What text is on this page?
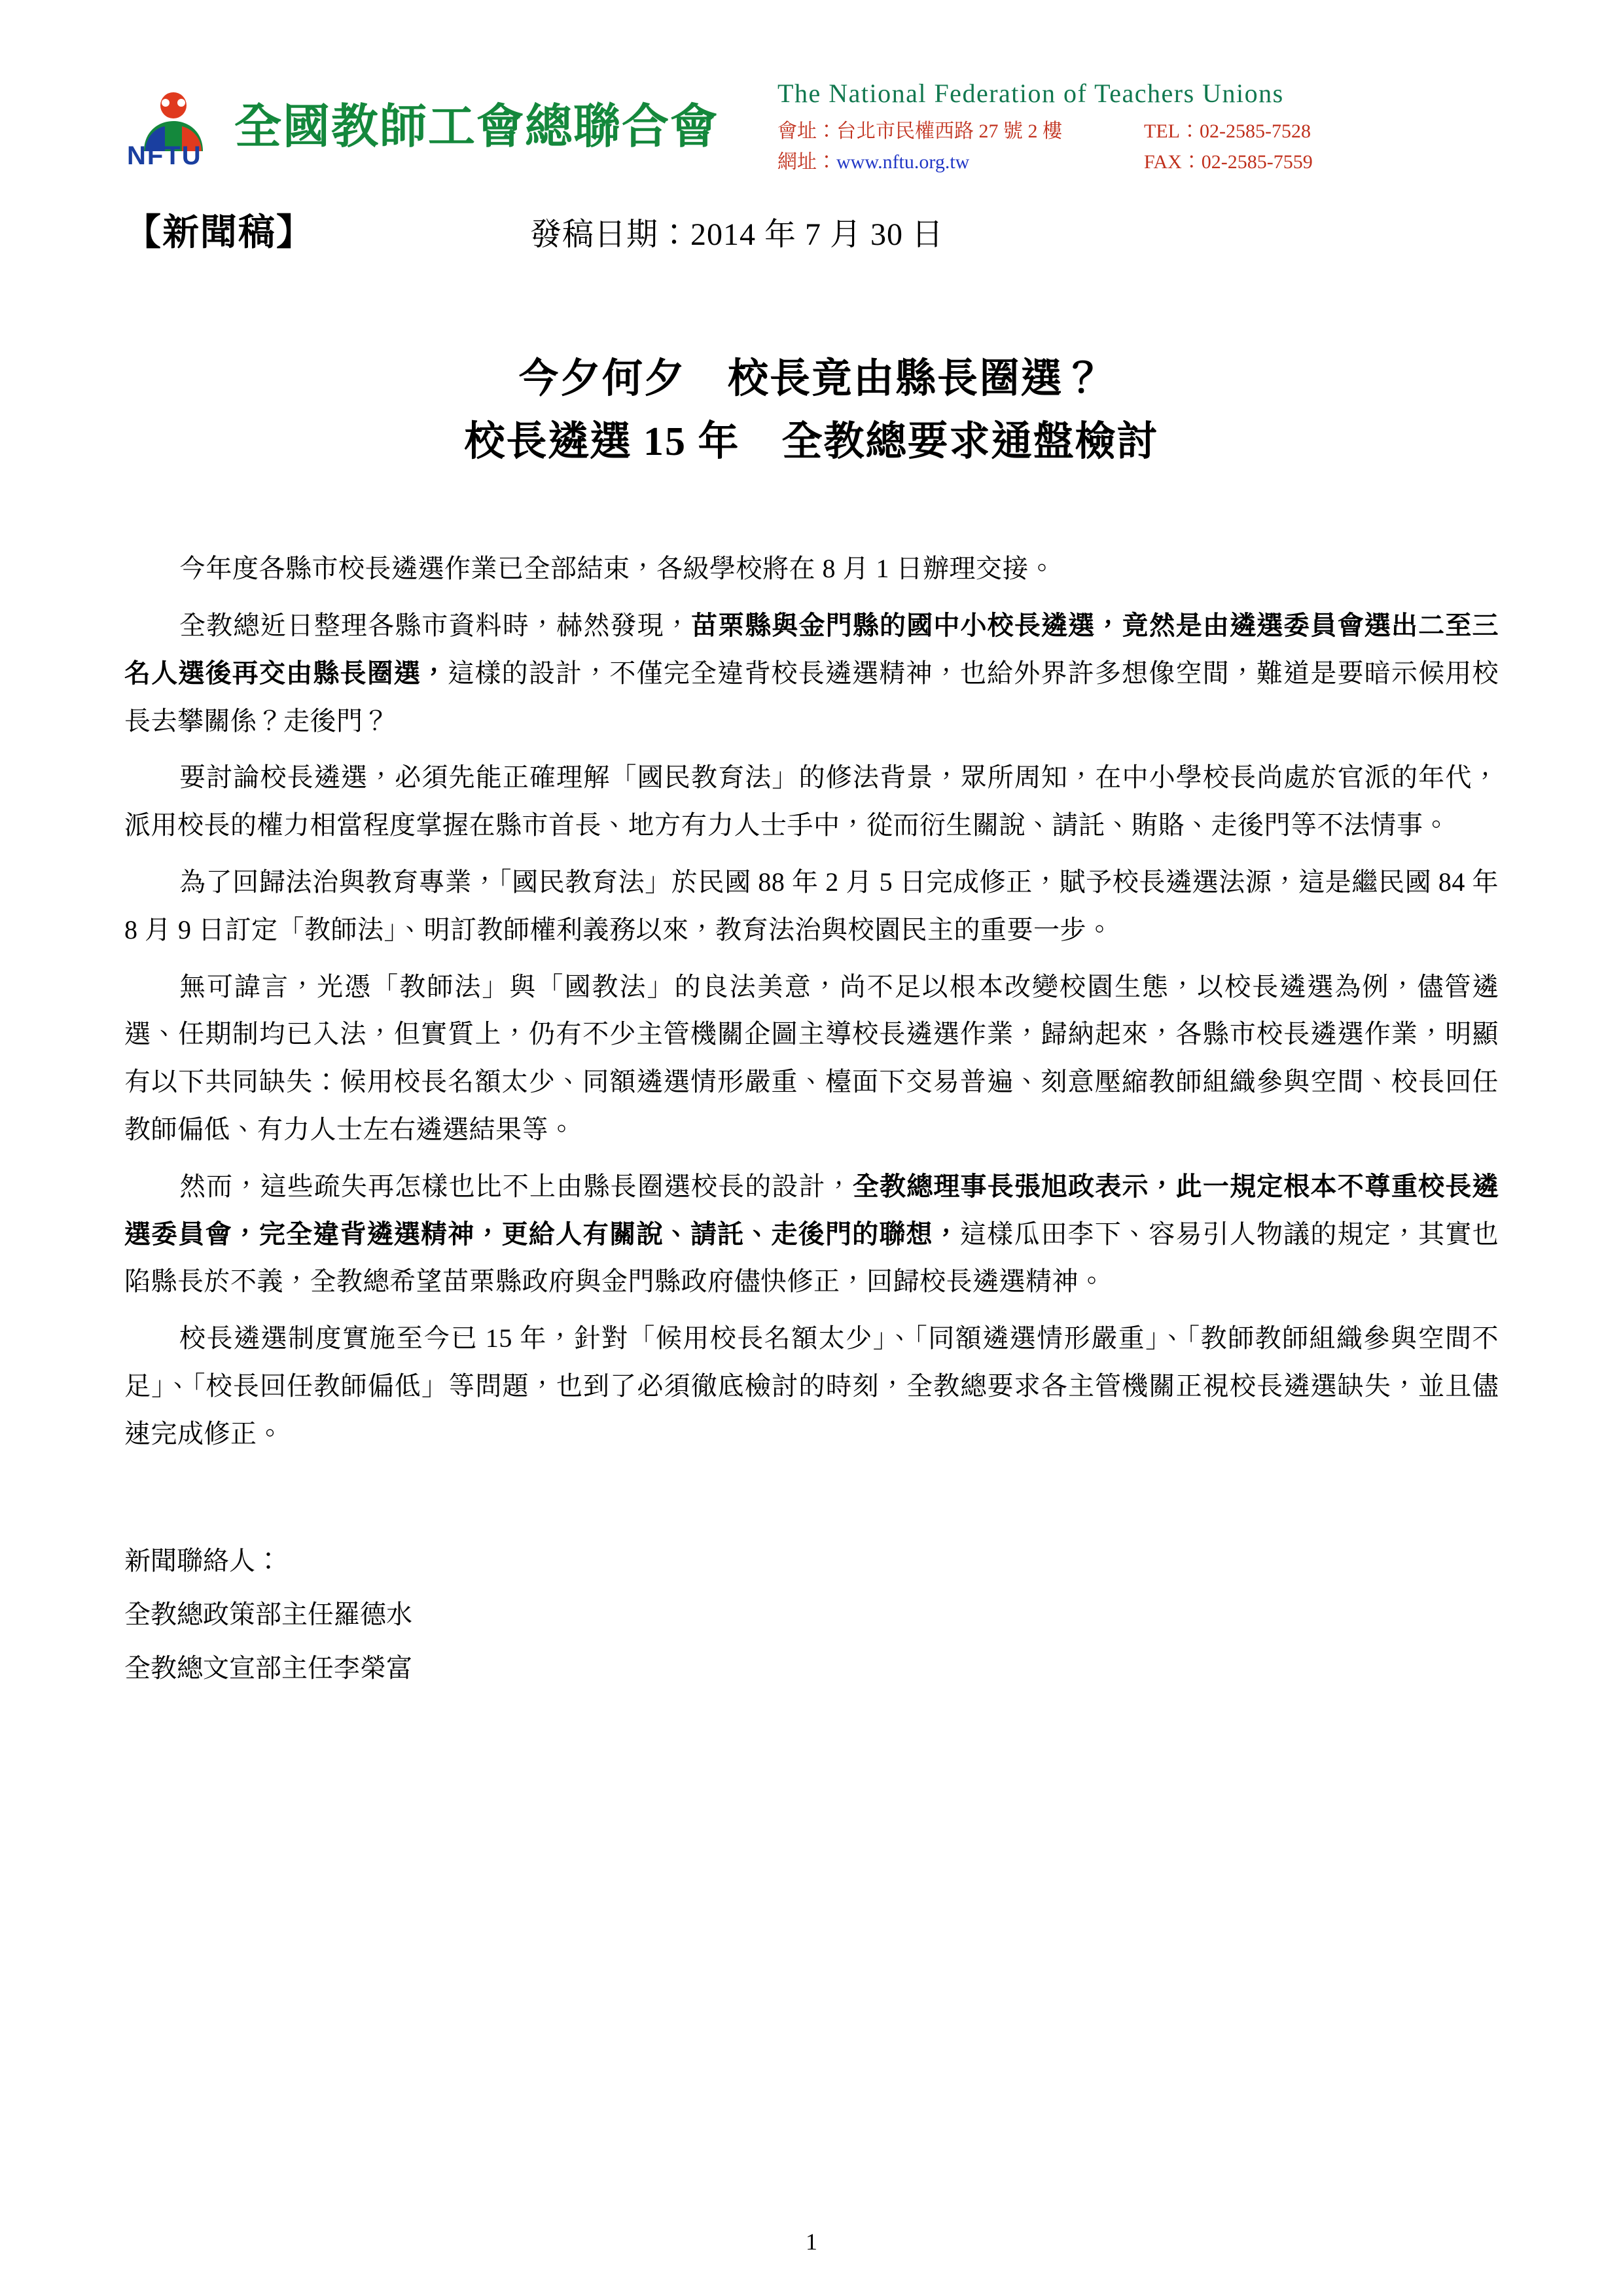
NFTU
全國教師工會總聯合會
The National Federation of Teachers Unions
會址：台北市民權西路 27 號 2 樓	TEL：02-2585-7528
網址：www.nftu.org.tw	FAX：02-2585-7559
【新聞稿】	發稿日期：2014 年 7 月 30 日
今夕何夕　校長竟由縣長圈選？
校長遴選 15 年　全教總要求通盤檢討

今年度各縣市校長遴選作業已全部結束，各級學校將在 8 月 1 日辦理交接。

全教總近日整理各縣市資料時，赫然發現，苗栗縣與金門縣的國中小校長遴選，竟然是由遴選委員會選出二至三名人選後再交由縣長圈選，這樣的設計，不僅完全違背校長遴選精神，也給外界許多想像空間，難道是要暗示候用校長去攀關係？走後門？

要討論校長遴選，必須先能正確理解「國民教育法」的修法背景，眾所周知，在中小學校長尚處於官派的年代，派用校長的權力相當程度掌握在縣市首長、地方有力人士手中，從而衍生關說、請託、賄賂、走後門等不法情事。

為了回歸法治與教育專業，「國民教育法」於民國 88 年 2 月 5 日完成修正，賦予校長遴選法源，這是繼民國 84 年 8 月 9 日訂定「教師法」、明訂教師權利義務以來，教育法治與校園民主的重要一步。

無可諱言，光憑「教師法」與「國教法」的良法美意，尚不足以根本改變校園生態，以校長遴選為例，儘管遴選、任期制均已入法，但實質上，仍有不少主管機關企圖主導校長遴選作業，歸納起來，各縣市校長遴選作業，明顯有以下共同缺失：候用校長名額太少、同額遴選情形嚴重、檯面下交易普遍、刻意壓縮教師組織參與空間、校長回任教師偏低、有力人士左右遴選結果等。

然而，這些疏失再怎樣也比不上由縣長圈選校長的設計，全教總理事長張旭政表示，此一規定根本不尊重校長遴選委員會，完全違背遴選精神，更給人有關說、請託、走後門的聯想，這樣瓜田李下、容易引人物議的規定，其實也陷縣長於不義，全教總希望苗栗縣政府與金門縣政府儘快修正，回歸校長遴選精神。

校長遴選制度實施至今已 15 年，針對「候用校長名額太少」、「同額遴選情形嚴重」、「教師教師組織參與空間不足」、「校長回任教師偏低」等問題，也到了必須徹底檢討的時刻，全教總要求各主管機關正視校長遴選缺失，並且儘速完成修正。

新聞聯絡人：
全教總政策部主任羅德水
全教總文宣部主任李榮富
1
